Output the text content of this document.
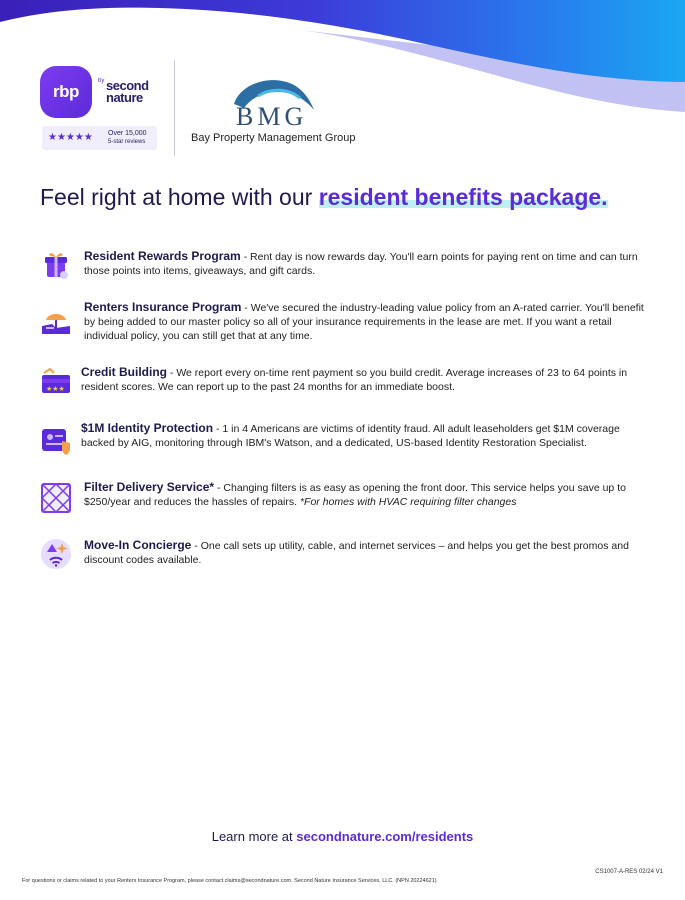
rbp
by second nature
★★★★★ Over 15,000
5-star reviews
BMG
Bay Property Management Group
Feel right at home with our resident benefits package.
Resident Rewards Program - Rent day is now rewards day. You'll earn points for paying rent on time and can turn those points into items, giveaways, and gift cards.
Renters Insurance Program - We've secured the industry-leading value policy from an A-rated carrier. You'll benefit by being added to our master policy so all of your insurance requirements in the lease are met. If you want a retail individual policy, you can still get that at any time.
★★★
Credit Building - We report every on-time rent payment so you build credit. Average increases of 23 to 64 points in resident scores. We can report up to the past 24 months for an immediate boost.
$1M Identity Protection - 1 in 4 Americans are victims of identity fraud. All adult leaseholders get $1M coverage backed by AIG, monitoring through IBM's Watson, and a dedicated, US-based Identity Restoration Specialist.
Filter Delivery Service* - Changing filters is as easy as opening the front door. This service helps you save up to $250/year and reduces the hassles of repairs. *For homes with HVAC requiring filter changes
Move-In Concierge - One call sets up utility, cable, and internet services – and helps you get the best promos and discount codes available.
Learn more at secondnature.com/residents
CS1007-A-RES 02/24 V1
For questions or claims related to your Renters Insurance Program, please contact claims@secondnature.com. Second Nature Insurance Services, LLC. (NPN 20224621)
